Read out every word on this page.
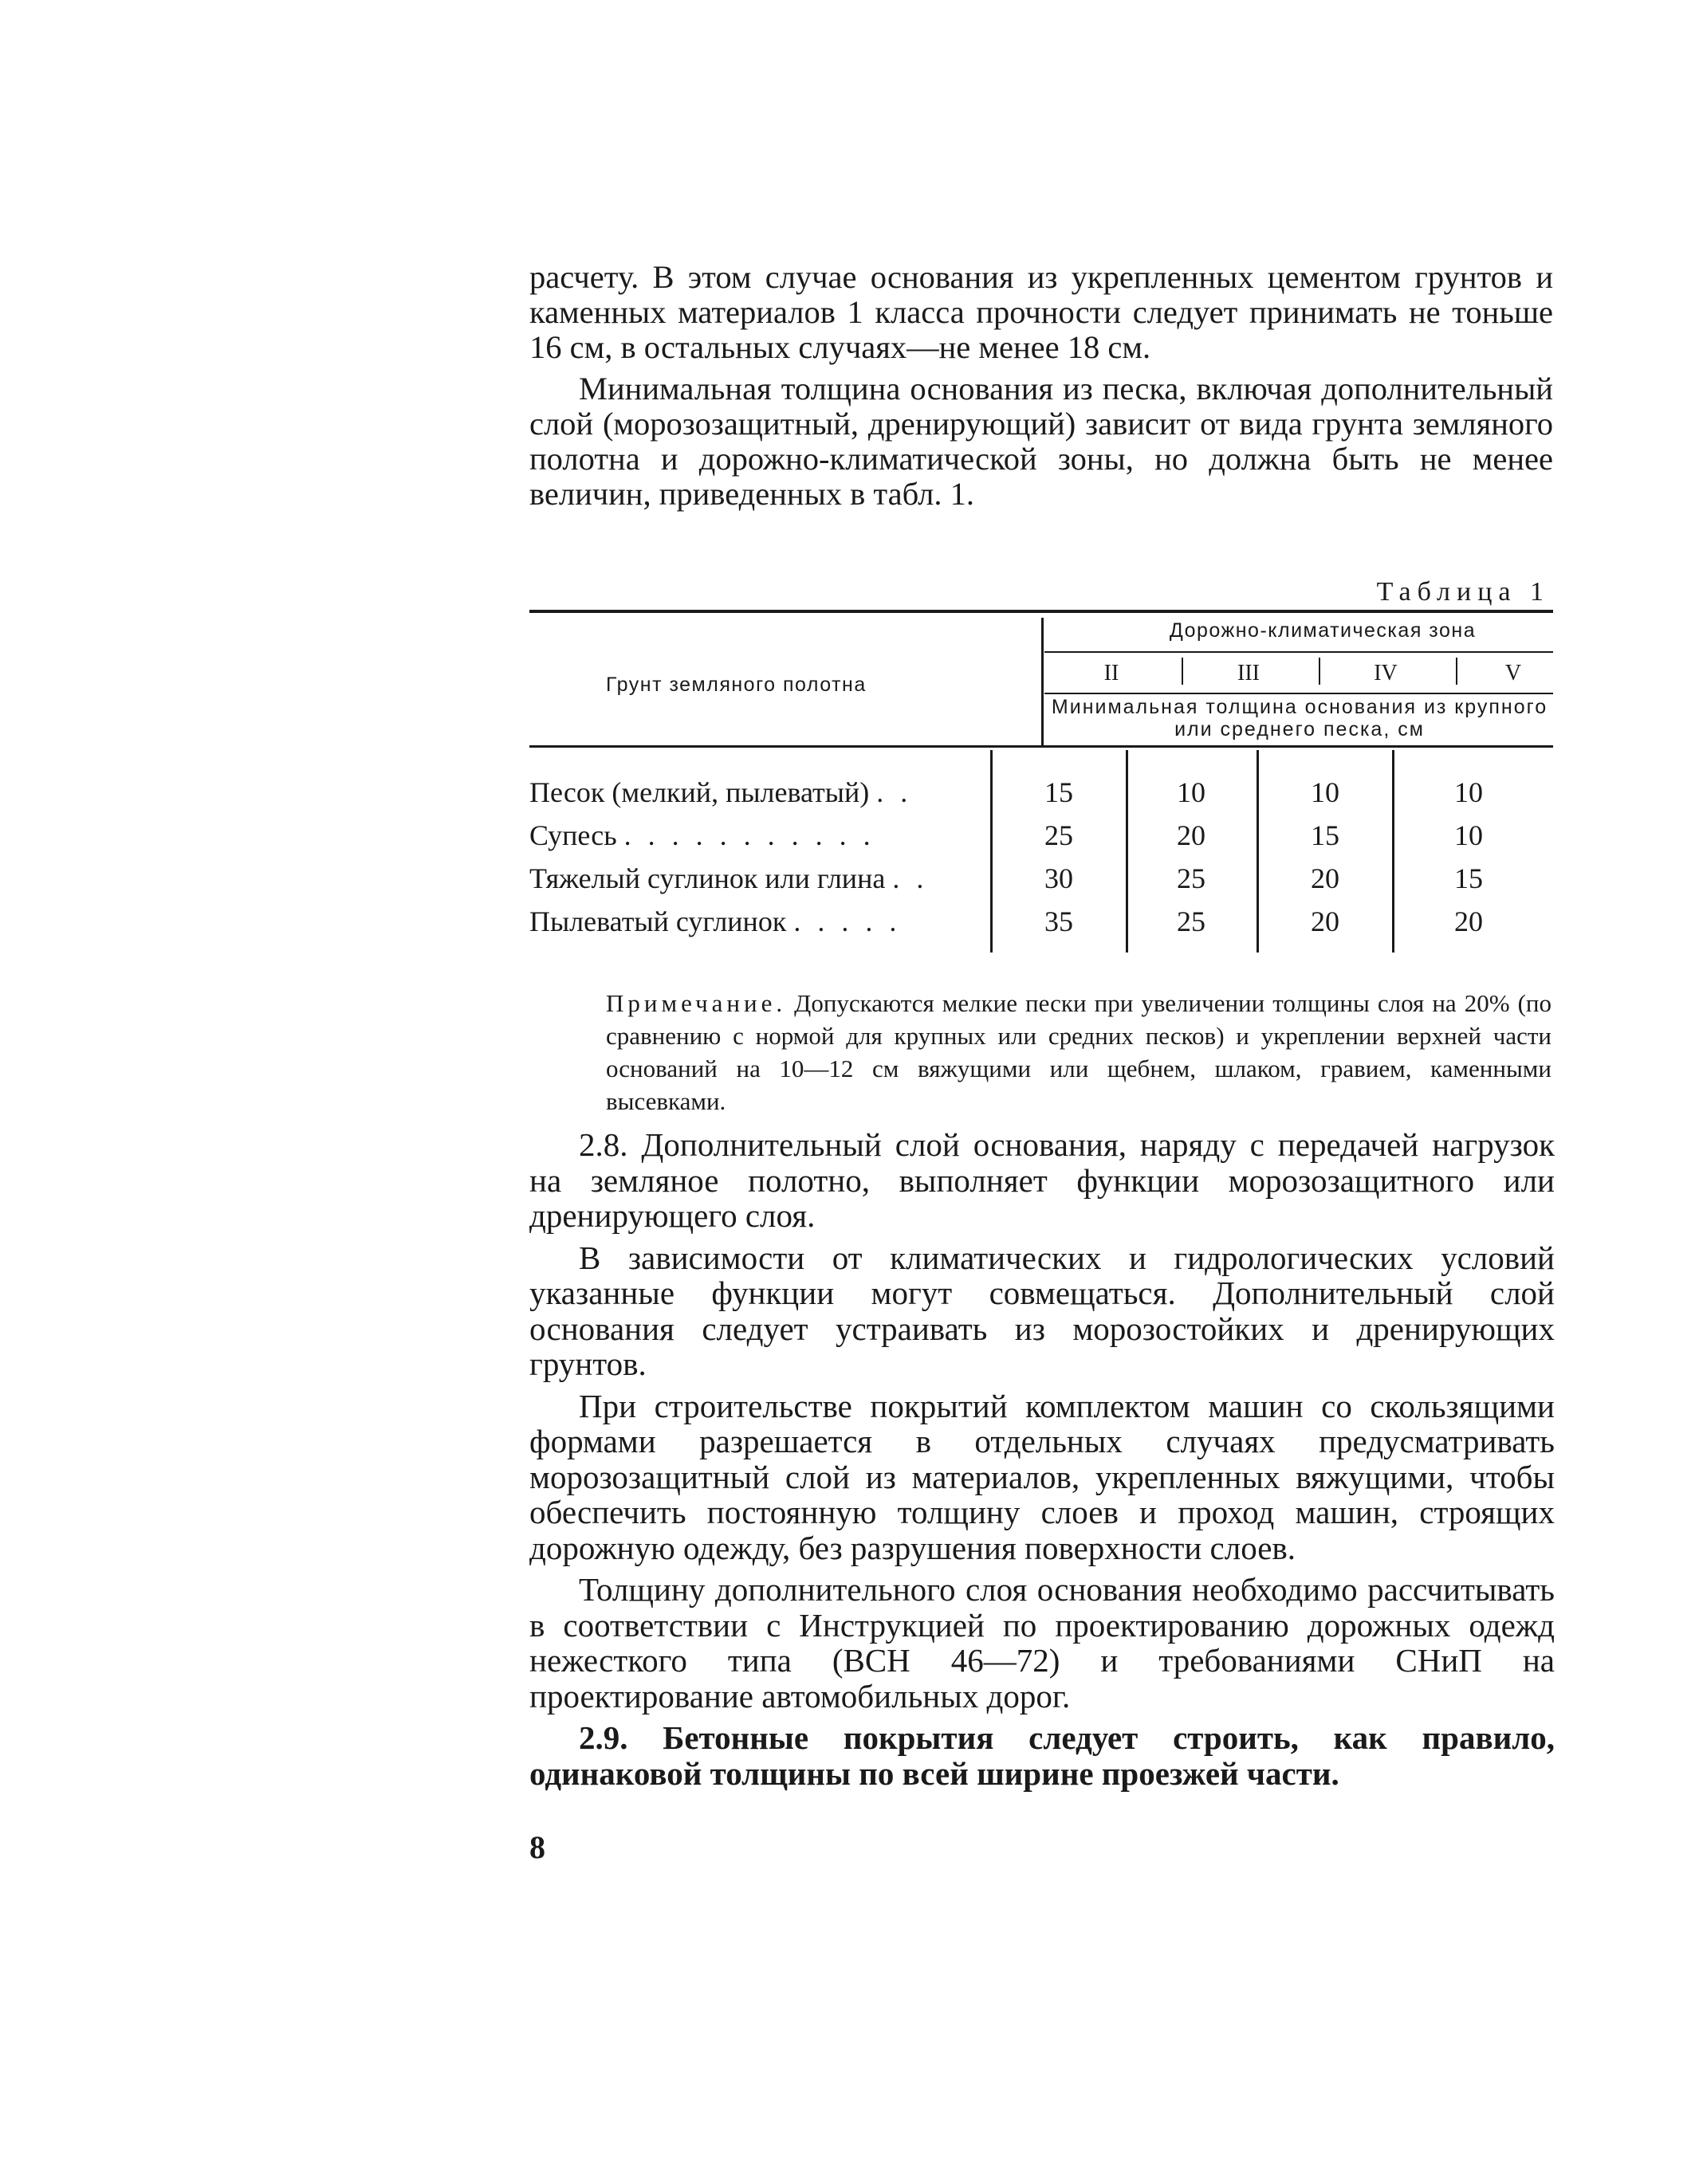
расчету. В этом случае основания из укрепленных цементом грунтов и каменных материалов 1 класса прочности следует принимать не тоньше 16 см, в остальных случаях—не менее 18 см.

Минимальная толщина основания из песка, включая дополнительный слой (морозозащитный, дренирующий) зависит от вида грунта земляного полотна и дорожно-климатической зоны, но должна быть не менее величин, приведенных в табл. 1.

Таблица 1
Грунт земляного полотна
Дорожно-климатическая зона
II	III	IV	V
Минимальная толщина основания из крупного или среднего песка, см
Песок (мелкий, пылеватый) . .	15	10	10	10
Супесь . . . . . . . . . . .	25	20	15	10
Тяжелый суглинок или глина . .	30	25	20	15
Пылеватый суглинок . . . . .	35	25	20	20

Примечание. Допускаются мелкие пески при увеличении толщины слоя на 20% (по сравнению с нормой для крупных или средних песков) и укреплении верхней части оснований на 10—12 см вяжущими или щебнем, шлаком, гравием, каменными высевками.

2.8. Дополнительный слой основания, наряду с передачей нагрузок на земляное полотно, выполняет функции морозозащитного или дренирующего слоя.

В зависимости от климатических и гидрологических условий указанные функции могут совмещаться. Дополнительный слой основания следует устраивать из морозостойких и дренирующих грунтов.

При строительстве покрытий комплектом машин со скользящими формами разрешается в отдельных случаях предусматривать морозозащитный слой из материалов, укрепленных вяжущими, чтобы обеспечить постоянную толщину слоев и проход машин, строящих дорожную одежду, без разрушения поверхности слоев.

Толщину дополнительного слоя основания необходимо рассчитывать в соответствии с Инструкцией по проектированию дорожных одежд нежесткого типа (ВСН 46—72) и требованиями СНиП на проектирование автомобильных дорог.

2.9. Бетонные покрытия следует строить, как правило, одинаковой толщины по всей ширине проезжей части.

8
